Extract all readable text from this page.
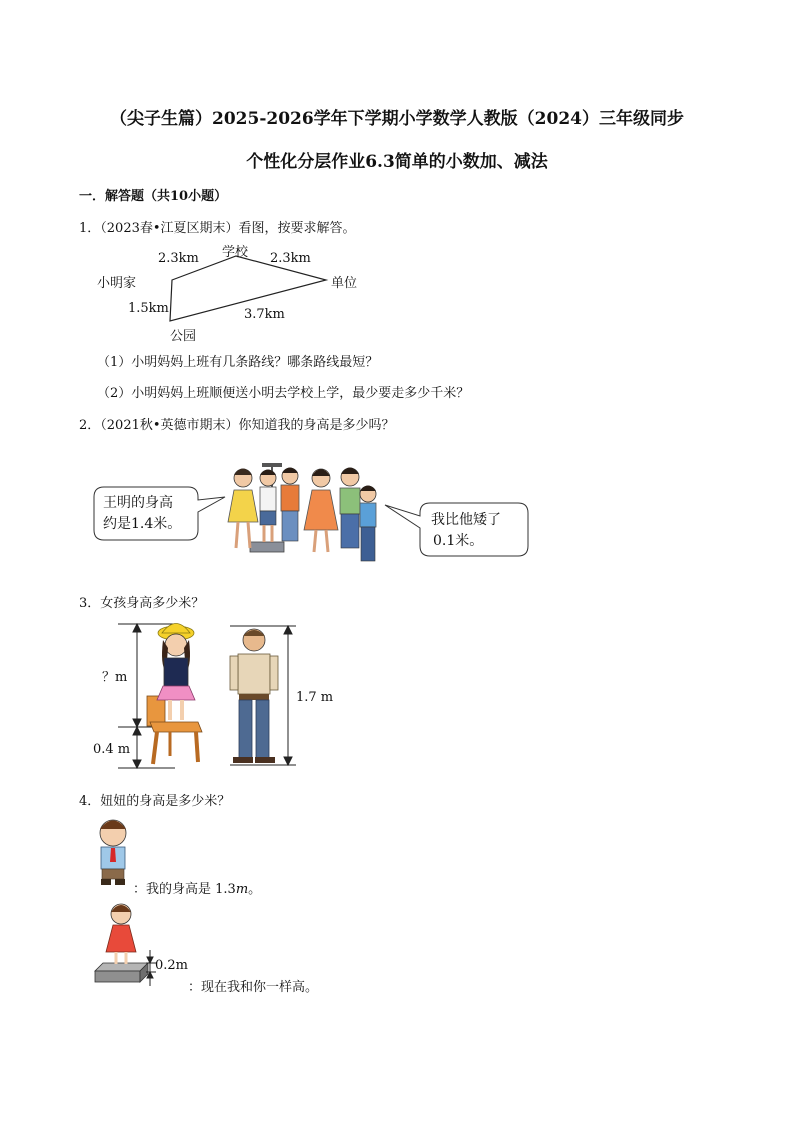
（尖子生篇）2025-2026学年下学期小学数学人教版（2024）三年级同步
个性化分层作业6.3简单的小数加、减法
一．解答题（共10小题）
1．（2023春•江夏区期末）看图，按要求解答。
小明家
学校
单位
公园
2.3km	2.3km
1.5km	3.7km
（1）小明妈妈上班有几条路线？哪条路线最短？
（2）小明妈妈上班顺便送小明去学校上学，最少要走多少千米？
2．（2021秋•英德市期末）你知道我的身高是多少吗？
王明的身高
约是1.4米。	我比他矮了
0.1米。
3．女孩身高多少米？
？m
0.4 m
1.7 m
4．妞妞的身高是多少米？
：我的身高是 1.3m。
0.2m
：现在我和你一样高。
